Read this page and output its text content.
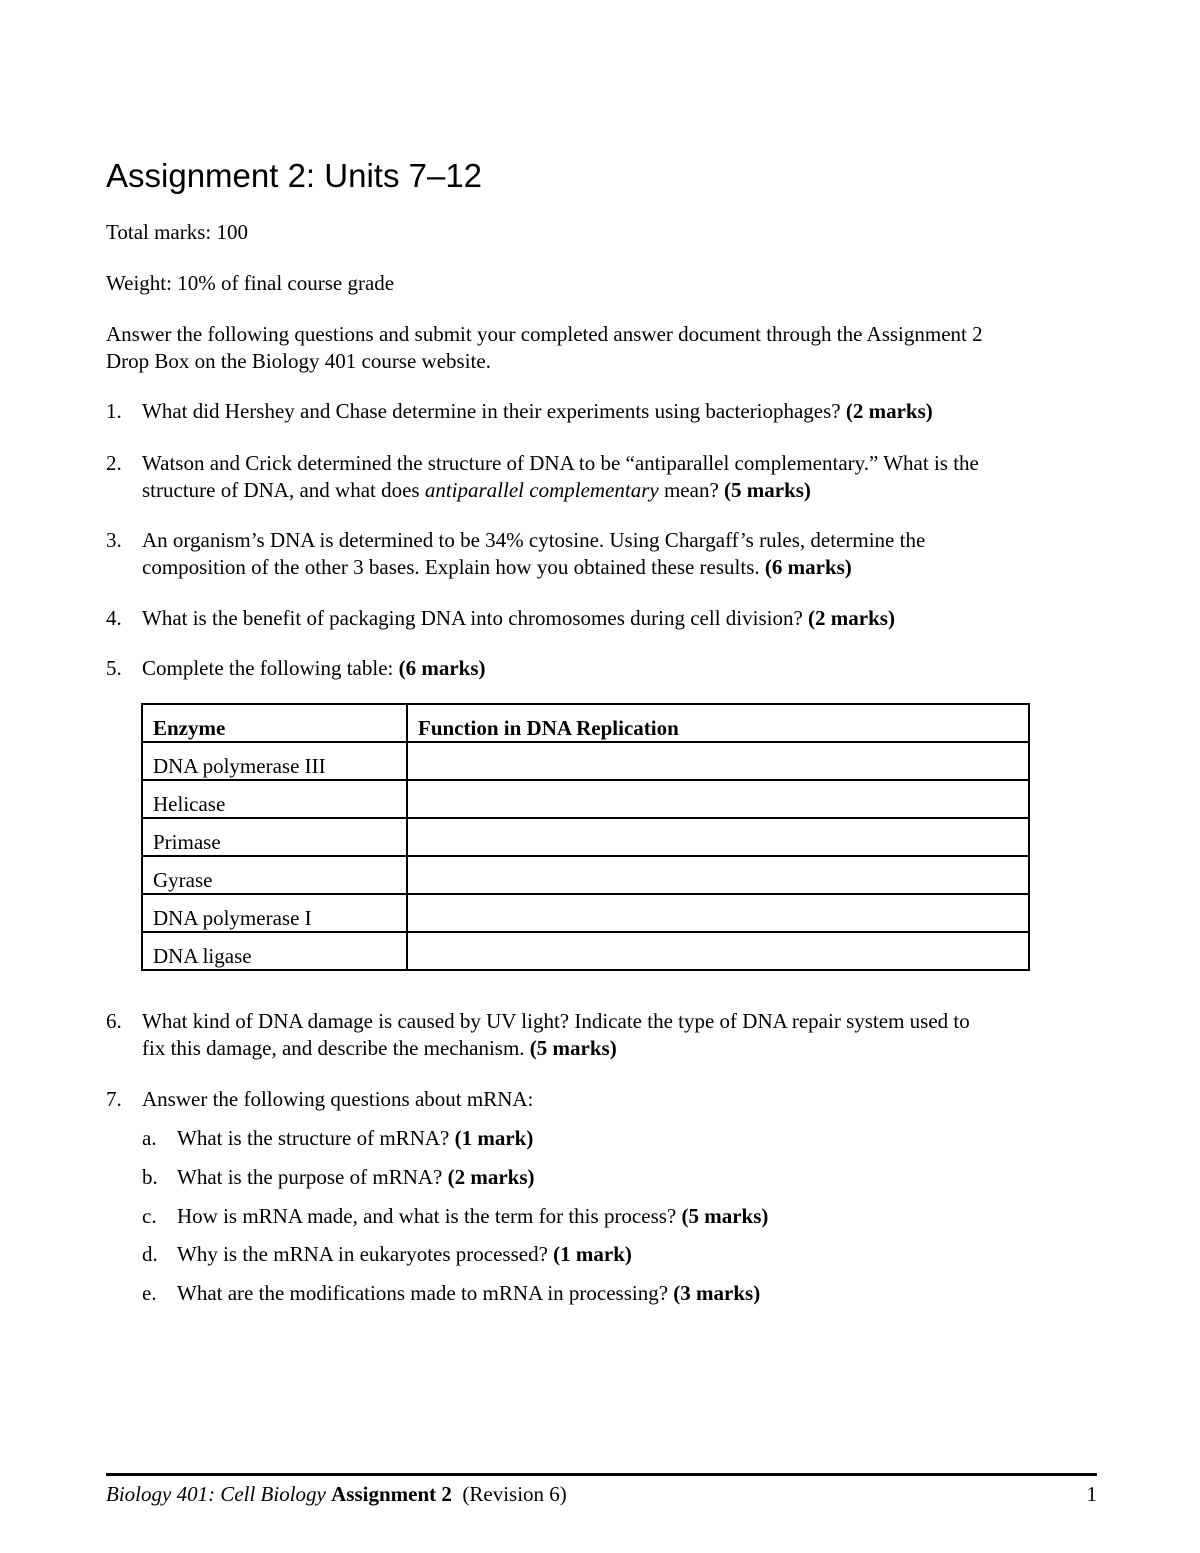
Assignment 2: Units 7–12

Total marks: 100

Weight: 10% of final course grade

Answer the following questions and submit your completed answer document through the Assignment 2
Drop Box on the Biology 401 course website.

1. What did Hershey and Chase determine in their experiments using bacteriophages? (2 marks)
2. Watson and Crick determined the structure of DNA to be “antiparallel complementary.” What is the
structure of DNA, and what does antiparallel complementary mean? (5 marks)
3. An organism’s DNA is determined to be 34% cytosine. Using Chargaff’s rules, determine the
composition of the other 3 bases. Explain how you obtained these results. (6 marks)
4. What is the benefit of packaging DNA into chromosomes during cell division? (2 marks)
5. Complete the following table: (6 marks)
Enzyme	Function in DNA Replication
DNA polymerase III	
Helicase	
Primase	
Gyrase	
DNA polymerase I	
DNA ligase	
6. What kind of DNA damage is caused by UV light? Indicate the type of DNA repair system used to
fix this damage, and describe the mechanism. (5 marks)
7. Answer the following questions about mRNA:
a. What is the structure of mRNA? (1 mark)
b. What is the purpose of mRNA? (2 marks)
c. How is mRNA made, and what is the term for this process? (5 marks)
d. Why is the mRNA in eukaryotes processed? (1 mark)
e. What are the modifications made to mRNA in processing? (3 marks)
Biology 401: Cell Biology Assignment 2 (Revision 6)	1
